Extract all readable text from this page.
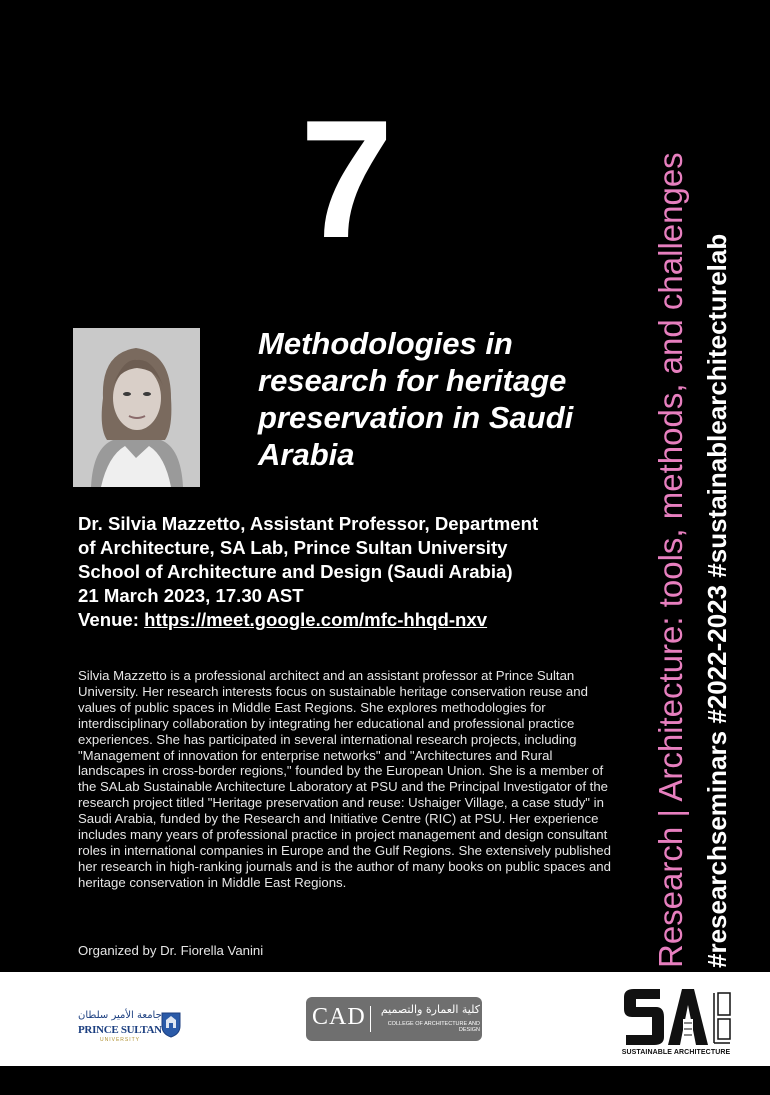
7
Methodologies in research for heritage preservation in Saudi Arabia
Dr. Silvia Mazzetto, Assistant Professor, Department
of Architecture, SA Lab, Prince Sultan University
School of Architecture and Design (Saudi Arabia)
21 March 2023, 17.30 AST
Venue: https://meet.google.com/mfc-hhqd-nxv
Silvia Mazzetto is a professional architect and an assistant professor at Prince Sultan University. Her research interests focus on sustainable heritage conservation reuse and values of public spaces in Middle East Regions. She explores methodologies for interdisciplinary collaboration by integrating her educational and professional practice experiences. She has participated in several international research projects, including "Management of innovation for enterprise networks" and "Architectures and Rural landscapes in cross-border regions," founded by the European Union. She is a member of the SALab Sustainable Architecture Laboratory at PSU and the Principal Investigator of the research project titled "Heritage preservation and reuse: Ushaiger Village, a case study" in Saudi Arabia, funded by the Research and Initiative Centre (RIC) at PSU. Her experience includes many years of professional practice in project management and design consultant roles in international companies in Europe and the Gulf Regions. She extensively published her research in high-ranking journals and is the author of many books on public spaces and heritage conservation in Middle East Regions.
Organized by Dr. Fiorella Vanini	Research | Architecture: tools, methods, and challenges #researchseminars #2022-2023 #sustainablearchitecturelab
جامعة الأمير سلطان
PRINCE SULTAN
UNIVERSITY
CAD	كلية العمارة والتصميم
COLLEGE OF ARCHITECTURE AND DESIGN
SUSTAINABLE ARCHITECTURE
